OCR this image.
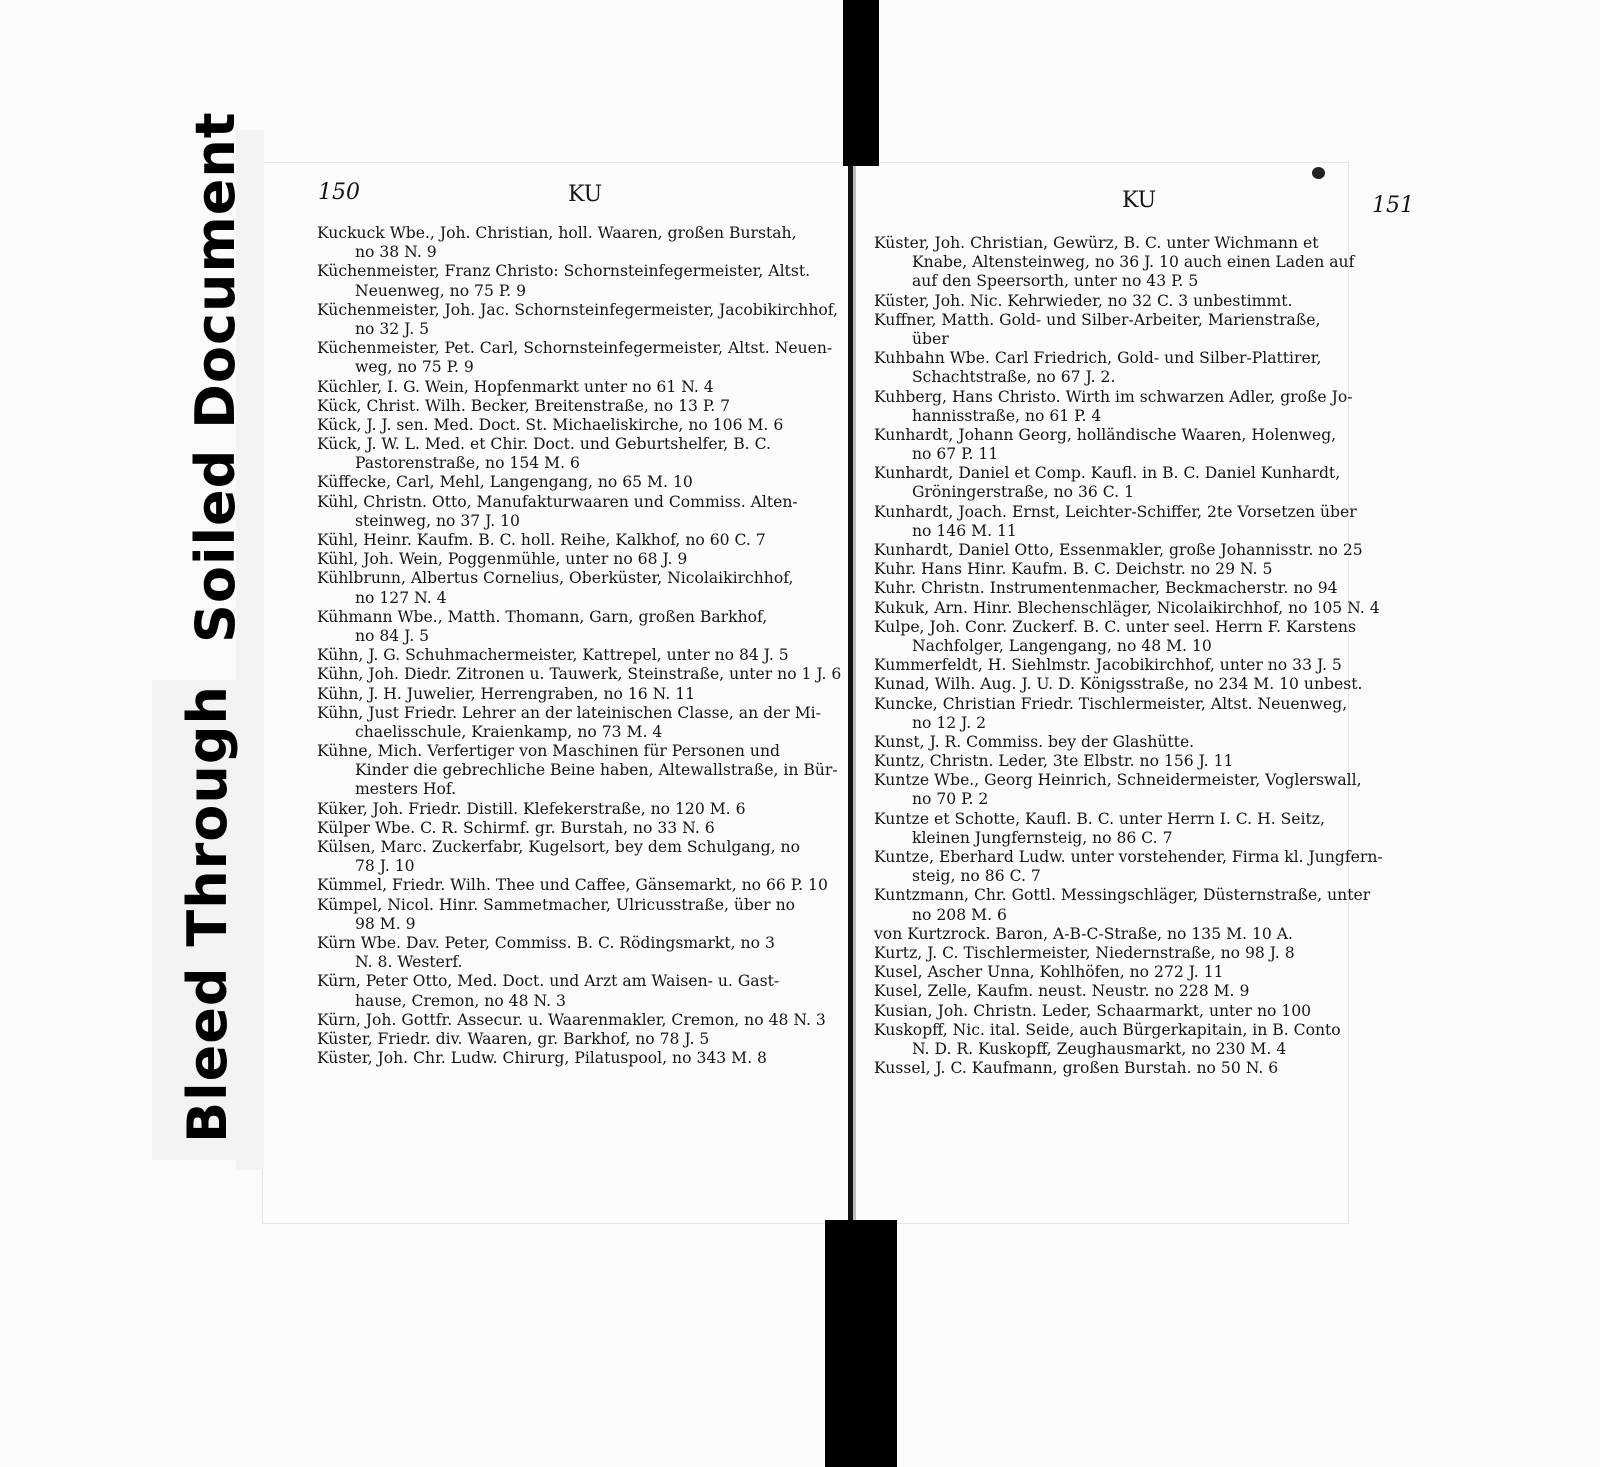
Soiled Document
Bleed Through
150	KU	KU	151
Kuckuck Wbe., Joh. Christian, holl. Waaren, großen Burstah,
no 38 N. 9
Küchenmeister, Franz Christo: Schornsteinfegermeister, Altst.
Neuenweg, no 75 P. 9
Küchenmeister, Joh. Jac. Schornsteinfegermeister, Jacobikirchhof,
no 32 J. 5
Küchenmeister, Pet. Carl, Schornsteinfegermeister, Altst. Neuen-
weg, no 75 P. 9
Küchler, I. G. Wein, Hopfenmarkt unter no 61 N. 4
Kück, Christ. Wilh. Becker, Breitenstraße, no 13 P. 7
Kück, J. J. sen. Med. Doct. St. Michaeliskirche, no 106 M. 6
Kück, J. W. L. Med. et Chir. Doct. und Geburtshelfer, B. C.
Pastorenstraße, no 154 M. 6
Küffecke, Carl, Mehl, Langengang, no 65 M. 10
Kühl, Christn. Otto, Manufakturwaaren und Commiss. Alten-
steinweg, no 37 J. 10
Kühl, Heinr. Kaufm. B. C. holl. Reihe, Kalkhof, no 60 C. 7
Kühl, Joh. Wein, Poggenmühle, unter no 68 J. 9
Kühlbrunn, Albertus Cornelius, Oberküster, Nicolaikirchhof,
no 127 N. 4
Kühmann Wbe., Matth. Thomann, Garn, großen Barkhof,
no 84 J. 5
Kühn, J. G. Schuhmachermeister, Kattrepel, unter no 84 J. 5
Kühn, Joh. Diedr. Zitronen u. Tauwerk, Steinstraße, unter no 1 J. 6
Kühn, J. H. Juwelier, Herrengraben, no 16 N. 11
Kühn, Just Friedr. Lehrer an der lateinischen Classe, an der Mi-
chaelisschule, Kraienkamp, no 73 M. 4
Kühne, Mich. Verfertiger von Maschinen für Personen und
Kinder die gebrechliche Beine haben, Altewallstraße, in Bür-
mesters Hof.
Küker, Joh. Friedr. Distill. Klefekerstraße, no 120 M. 6
Külper Wbe. C. R. Schirmf. gr. Burstah, no 33 N. 6
Külsen, Marc. Zuckerfabr, Kugelsort, bey dem Schulgang, no
78 J. 10
Kümmel, Friedr. Wilh. Thee und Caffee, Gänsemarkt, no 66 P. 10
Kümpel, Nicol. Hinr. Sammetmacher, Ulricusstraße, über no
98 M. 9
Kürn Wbe. Dav. Peter, Commiss. B. C. Rödingsmarkt, no 3
N. 8. Westerf.
Kürn, Peter Otto, Med. Doct. und Arzt am Waisen- u. Gast-
hause, Cremon, no 48 N. 3
Kürn, Joh. Gottfr. Assecur. u. Waarenmakler, Cremon, no 48 N. 3
Küster, Friedr. div. Waaren, gr. Barkhof, no 78 J. 5
Küster, Joh. Chr. Ludw. Chirurg, Pilatuspool, no 343 M. 8
Küster, Joh. Christian, Gewürz, B. C. unter Wichmann et
Knabe, Altensteinweg, no 36 J. 10 auch einen Laden auf
auf den Speersorth, unter no 43 P. 5
Küster, Joh. Nic. Kehrwieder, no 32 C. 3 unbestimmt.
Kuffner, Matth. Gold- und Silber-Arbeiter, Marienstraße,
über
Kuhbahn Wbe. Carl Friedrich, Gold- und Silber-Plattirer,
Schachtstraße, no 67 J. 2.
Kuhberg, Hans Christo. Wirth im schwarzen Adler, große Jo-
hannisstraße, no 61 P. 4
Kunhardt, Johann Georg, holländische Waaren, Holenweg,
no 67 P. 11
Kunhardt, Daniel et Comp. Kaufl. in B. C. Daniel Kunhardt,
Gröningerstraße, no 36 C. 1
Kunhardt, Joach. Ernst, Leichter-Schiffer, 2te Vorsetzen über
no 146 M. 11
Kunhardt, Daniel Otto, Essenmakler, große Johannisstr. no 25
Kuhr. Hans Hinr. Kaufm. B. C. Deichstr. no 29 N. 5
Kuhr. Christn. Instrumentenmacher, Beckmacherstr. no 94
Kukuk, Arn. Hinr. Blechenschläger, Nicolaikirchhof, no 105 N. 4
Kulpe, Joh. Conr. Zuckerf. B. C. unter seel. Herrn F. Karstens
Nachfolger, Langengang, no 48 M. 10
Kummerfeldt, H. Siehlmstr. Jacobikirchhof, unter no 33 J. 5
Kunad, Wilh. Aug. J. U. D. Königsstraße, no 234 M. 10 unbest.
Kuncke, Christian Friedr. Tischlermeister, Altst. Neuenweg,
no 12 J. 2
Kunst, J. R. Commiss. bey der Glashütte.
Kuntz, Christn. Leder, 3te Elbstr. no 156 J. 11
Kuntze Wbe., Georg Heinrich, Schneidermeister, Voglerswall,
no 70 P. 2
Kuntze et Schotte, Kaufl. B. C. unter Herrn I. C. H. Seitz,
kleinen Jungfernsteig, no 86 C. 7
Kuntze, Eberhard Ludw. unter vorstehender, Firma kl. Jungfern-
steig, no 86 C. 7
Kuntzmann, Chr. Gottl. Messingschläger, Düsternstraße, unter
no 208 M. 6
von Kurtzrock. Baron, A-B-C-Straße, no 135 M. 10 A.
Kurtz, J. C. Tischlermeister, Niedernstraße, no 98 J. 8
Kusel, Ascher Unna, Kohlhöfen, no 272 J. 11
Kusel, Zelle, Kaufm. neust. Neustr. no 228 M. 9
Kusian, Joh. Christn. Leder, Schaarmarkt, unter no 100
Kuskopff, Nic. ital. Seide, auch Bürgerkapitain, in B. Conto
N. D. R. Kuskopff, Zeughausmarkt, no 230 M. 4
Kussel, J. C. Kaufmann, großen Burstah. no 50 N. 6
